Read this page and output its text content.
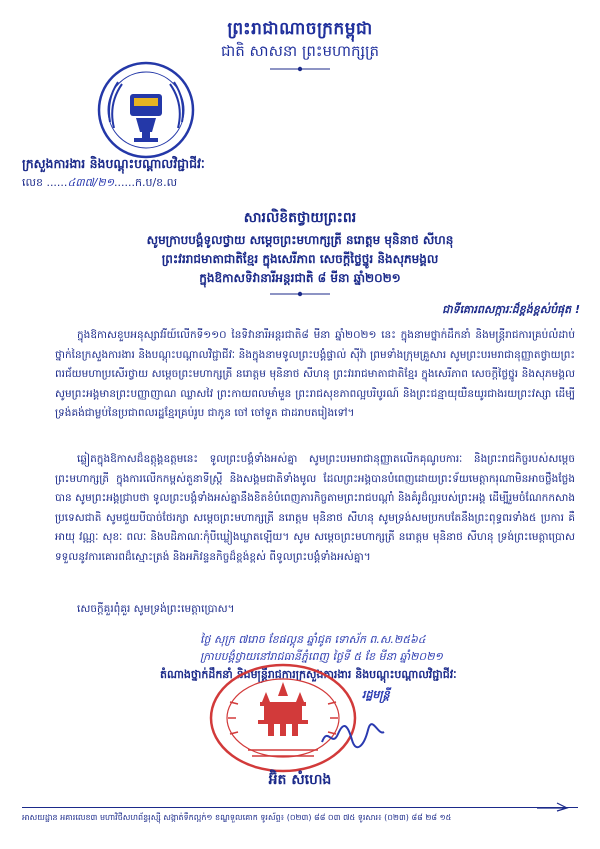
ព្រះរាជាណាចក្រកម្ពុជា
ជាតិ សាសនា ព្រះមហាក្សត្រ
ក្រសួងការងារ និងបណ្តុះបណ្តាលវិជ្ជាជីវៈ
លេខ ......៤៣៧/២១......ក.ប/ខ.ល
សារលិខិតថ្វាយព្រះពរ
សូមក្រាបបង្គំទូលថ្វាយ សម្តេចព្រះមហាក្សត្រី នរោត្តម មុនិនាថ សីហនុ
ព្រះវររាជមាតាជាតិខ្មែរ ក្នុងសេរីភាព សេចក្តីថ្លៃថ្នូរ និងសុភមង្គល
ក្នុងឱកាសទិវានារីអន្តរជាតិ ៨ មីនា ឆ្នាំ២០២១
ជាទីគោរពសក្ការៈដ៏ខ្ពង់ខ្ពស់បំផុត !
ក្នុងឱកាសខួបអនុស្សាវរីយ៍លើកទី១១០ នៃទិវានារីអន្តរជាតិ៨ មីនា ឆ្នាំ២០២១ នេះ ក្នុងនាមថ្នាក់ដឹកនាំ និងមន្ត្រីរាជការគ្រប់លំដាប់ថ្នាក់នៃក្រសួងការងារ និងបណ្តុះបណ្តាលវិជ្ជាជីវៈ និងក្នុងនាមទូលព្រះបង្គំផ្ទាល់ ស៊ីវ៉ា ព្រមទាំងក្រុមគ្រួសារ សូមព្រះបរមរាជានុញ្ញាតថ្វាយព្រះពរជ័យមហាប្រសើរថ្វាយ សម្តេចព្រះមហាក្សត្រី នរោត្តម មុនិនាថ សីហនុ ព្រះវររាជមាតាជាតិខ្មែរ ក្នុងសេរីភាព សេចក្តីថ្លៃថ្នូរ និងសុភមង្គល សូមព្រះអង្គមានព្រះបញ្ញាញាណ ឈ្លាសវៃ ព្រះកាយពលមាំមួន ព្រះរាជសុខភាពល្អបរិបូរណ៍ និងព្រះជន្មាយុយឺនយូរជាងរយព្រះវស្សា ដើម្បីទ្រង់គង់ជាម្លប់នៃប្រជាពលរដ្ឋខ្មែរគ្រប់រូប ជាកូន ចៅ ចៅទួត ជាដរាបតរៀងទៅ។
ឆ្លៀតក្នុងឱកាសដ៏ឧត្តុង្គឧត្តមនេះ ទូលព្រះបង្គំទាំងអស់គ្នា សូមព្រះបរមរាជានុញ្ញាតលើកគុណូបការៈ និងព្រះរាជកិច្ចរបស់សម្តេចព្រះមហាក្សត្រី ក្នុងការលើកកម្ពស់តួនាទីស្ត្រី និងសង្គមជាតិទាំងមូល ដែលព្រះអង្គបានបំពេញដោយព្រះទ័យមេត្តាករុណាមិនអាចថ្លឹងថ្លែងបាន សូមព្រះអង្គជ្រាបថា ទូលព្រះបង្គំទាំងអស់គ្នានឹងខិតខំបំពេញភារកិច្ចតាមព្រះរាជបណ្តាំ និងគំរូដ៏ល្អរបស់ព្រះអង្គ ដើម្បីរួមចំណែកកសាងប្រទេសជាតិ សូមជួយបីបាច់ថែរក្សា សម្តេចព្រះមហាក្សត្រី នរោត្តម មុនិនាថ សីហនុ សូមទ្រង់សមប្រកបតែនឹងព្រះពុទ្ធពរទាំង៥ ប្រការ គឺអាយុ វណ្ណៈ សុខៈ ពលៈ និងបដិភាណៈកុំបីឃ្លៀងឃ្លាតឡើយ។ សូម សម្តេចព្រះមហាក្សត្រី នរោត្តម មុនិនាថ សីហនុ ទ្រង់ព្រះមេត្តាប្រោសទទួលនូវការគោរពដ៏ស្មោះត្រង់ និងអភិវន្ទនកិច្ចដ៏ខ្ពង់ខ្ពស់ ពីទូលព្រះបង្គំទាំងអស់គ្នា។
សេចក្តីគួរពុំគួរ សូមទ្រង់ព្រះមេត្តាប្រោស។
ថ្ងៃ សុក្រ ៧រោច ខែផល្គុន ឆ្នាំជូត ទោស័ក ព.ស.២៥៦៤
ក្រាបបង្គំថ្វាយនៅរាជធានីភ្នំពេញ ថ្ងៃទី ៥ ខែ មីនា ឆ្នាំ២០២១
តំណាងថ្នាក់ដឹកនាំ និងមន្ត្រីរាជការក្រសួងការងារ និងបណ្តុះបណ្តាលវិជ្ជាជីវៈ
រដ្ឋមន្ត្រី
អ៊ិត សំហេង
អាសយដ្ឋាន អគារលេខ៣ មហាវិថីសហព័ន្ធរុស្ស៊ី សង្កាត់ទឹកល្អក់១ ខណ្ឌទួលគោក ទូរស័ព្ទ៖ (០២៣) ៨៨ ០៣ ៧៥ ទូរសារ៖ (០២៣) ៨៨ ២៨ ១៥
